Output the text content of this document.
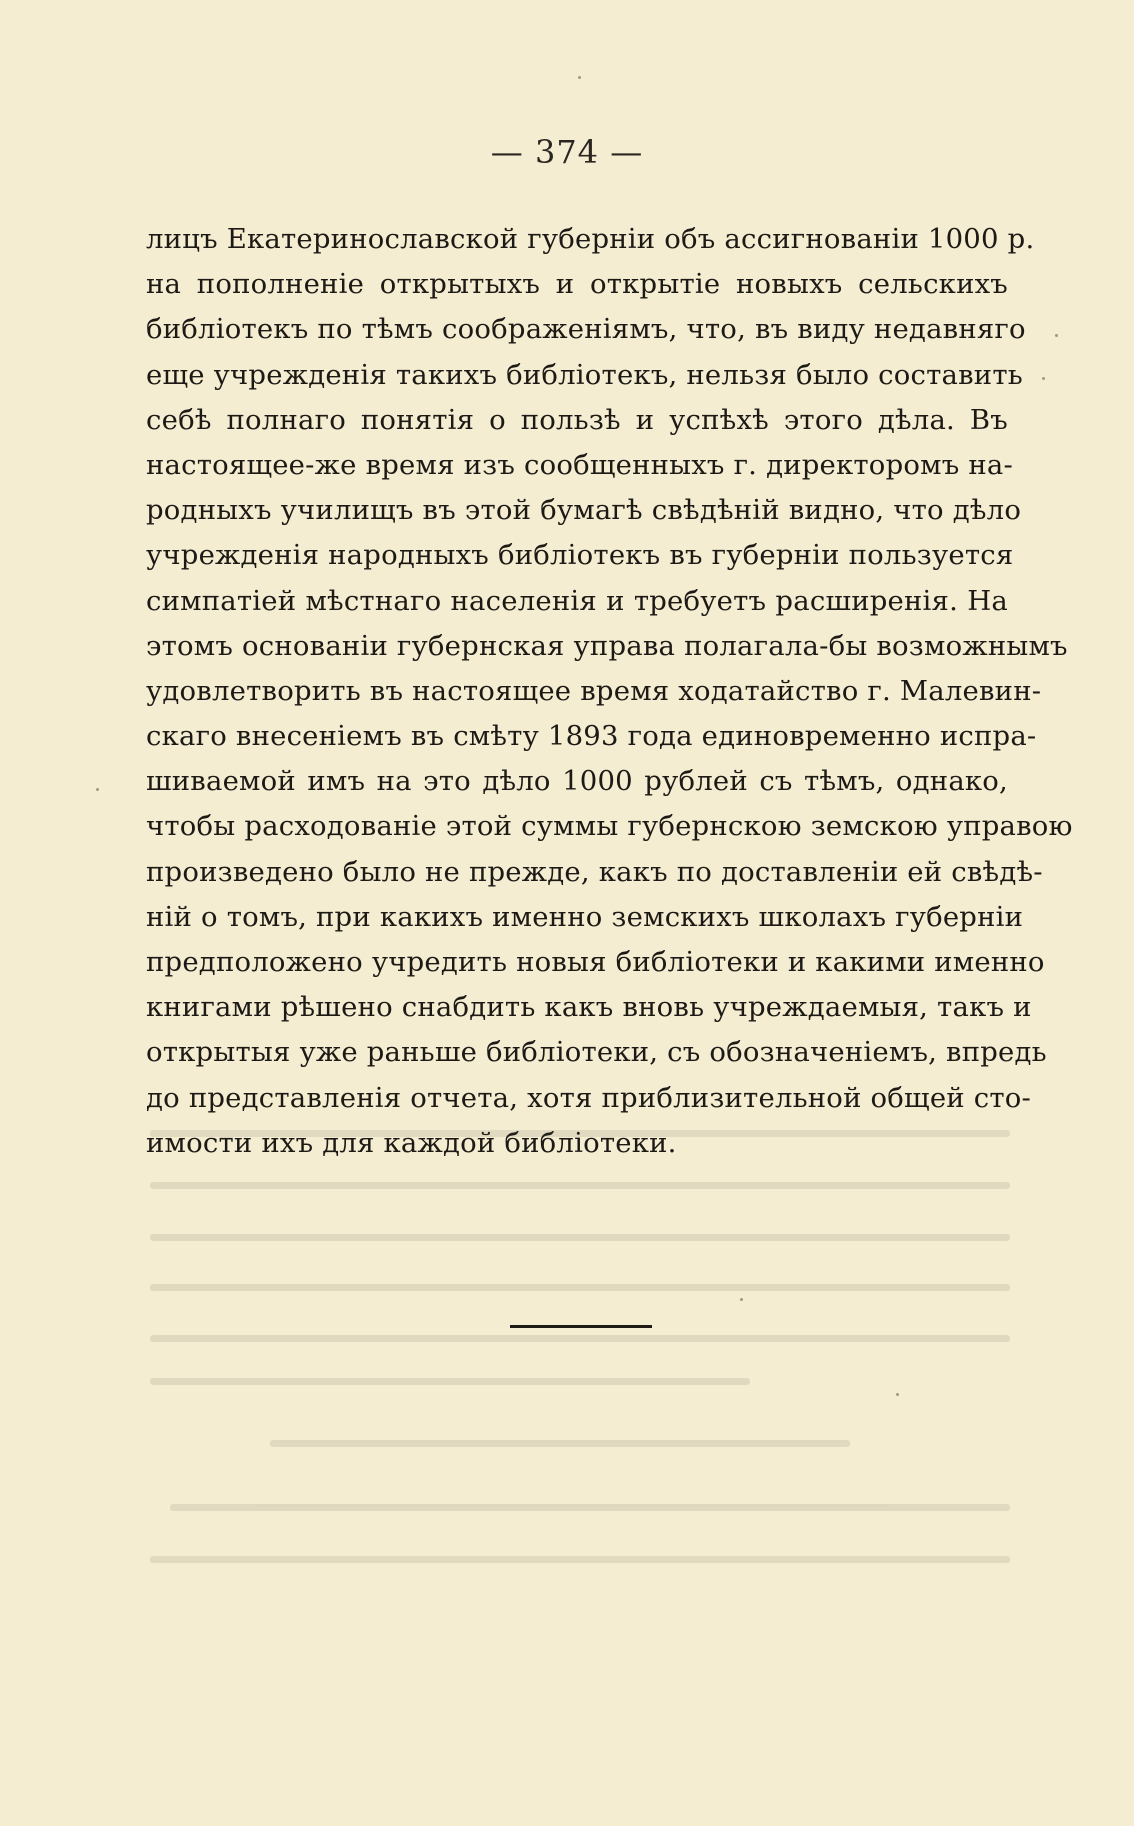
— 374 —
лицъ Екатеринославской губерніи объ ассигнованіи 1000 р.
на пополненіе открытыхъ и открытіе новыхъ сельскихъ
библіотекъ по тѣмъ соображеніямъ, что, въ виду недавняго
еще учрежденія такихъ библіотекъ, нельзя было составить
себѣ полнаго понятія о пользѣ и успѣхѣ этого дѣла. Въ
настоящее-же время изъ сообщенныхъ г. директоромъ на-
родныхъ училищъ въ этой бумагѣ свѣдѣній видно, что дѣло
учрежденія народныхъ библіотекъ въ губерніи пользуется
симпатіей мѣстнаго населенія и требуетъ расширенія. На
этомъ основаніи губернская управа полагала-бы возможнымъ
удовлетворить въ настоящее время ходатайство г. Малевин-
скаго внесеніемъ въ смѣту 1893 года единовременно испра-
шиваемой имъ на это дѣло 1000 рублей съ тѣмъ, однако,
чтобы расходованіе этой суммы губернскою земскою управою
произведено было не прежде, какъ по доставленіи ей свѣдѣ-
ній о томъ, при какихъ именно земскихъ школахъ губерніи
предположено учредить новыя библіотеки и какими именно
книгами рѣшено снабдить какъ вновь учреждаемыя, такъ и
открытыя уже раньше библіотеки, съ обозначеніемъ, впредь
до представленія отчета, хотя приблизительной общей сто-
имости ихъ для каждой библіотеки.
